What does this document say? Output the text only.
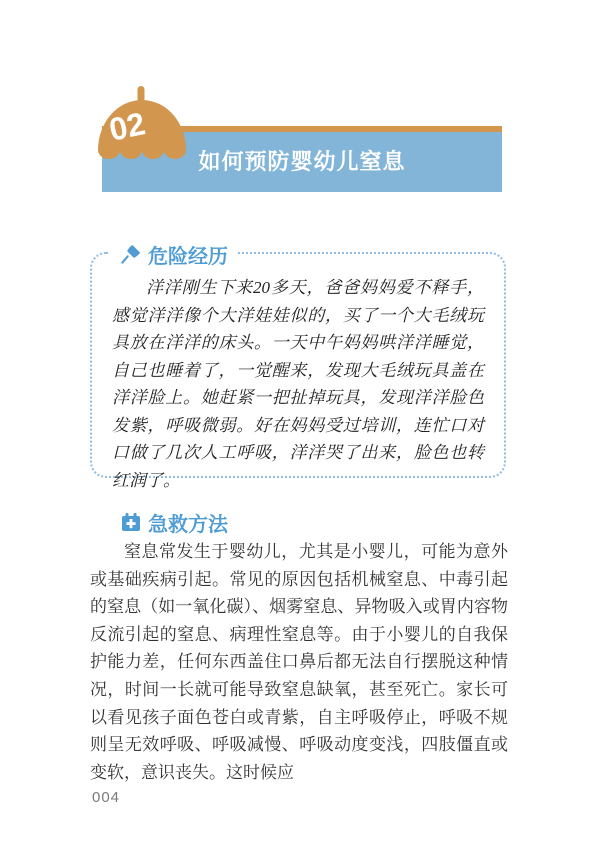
如何预防婴幼儿窒息
02
危险经历

洋洋刚生下来20多天，爸爸妈妈爱不释手，感觉洋洋像个大洋娃娃似的，买了一个大毛绒玩具放在洋洋的床头。一天中午妈妈哄洋洋睡觉，自己也睡着了，一觉醒来，发现大毛绒玩具盖在洋洋脸上。她赶紧一把扯掉玩具，发现洋洋脸色发紫，呼吸微弱。好在妈妈受过培训，连忙口对口做了几次人工呼吸，洋洋哭了出来，脸色也转红润了。

急救方法

窒息常发生于婴幼儿，尤其是小婴儿，可能为意外或基础疾病引起。常见的原因包括机械窒息、中毒引起的窒息（如一氧化碳）、烟雾窒息、异物吸入或胃内容物反流引起的窒息、病理性窒息等。由于小婴儿的自我保护能力差，任何东西盖住口鼻后都无法自行摆脱这种情况，时间一长就可能导致窒息缺氧，甚至死亡。家长可以看见孩子面色苍白或青紫，自主呼吸停止，呼吸不规则呈无效呼吸、呼吸减慢、呼吸动度变浅，四肢僵直或变软，意识丧失。这时候应

004
